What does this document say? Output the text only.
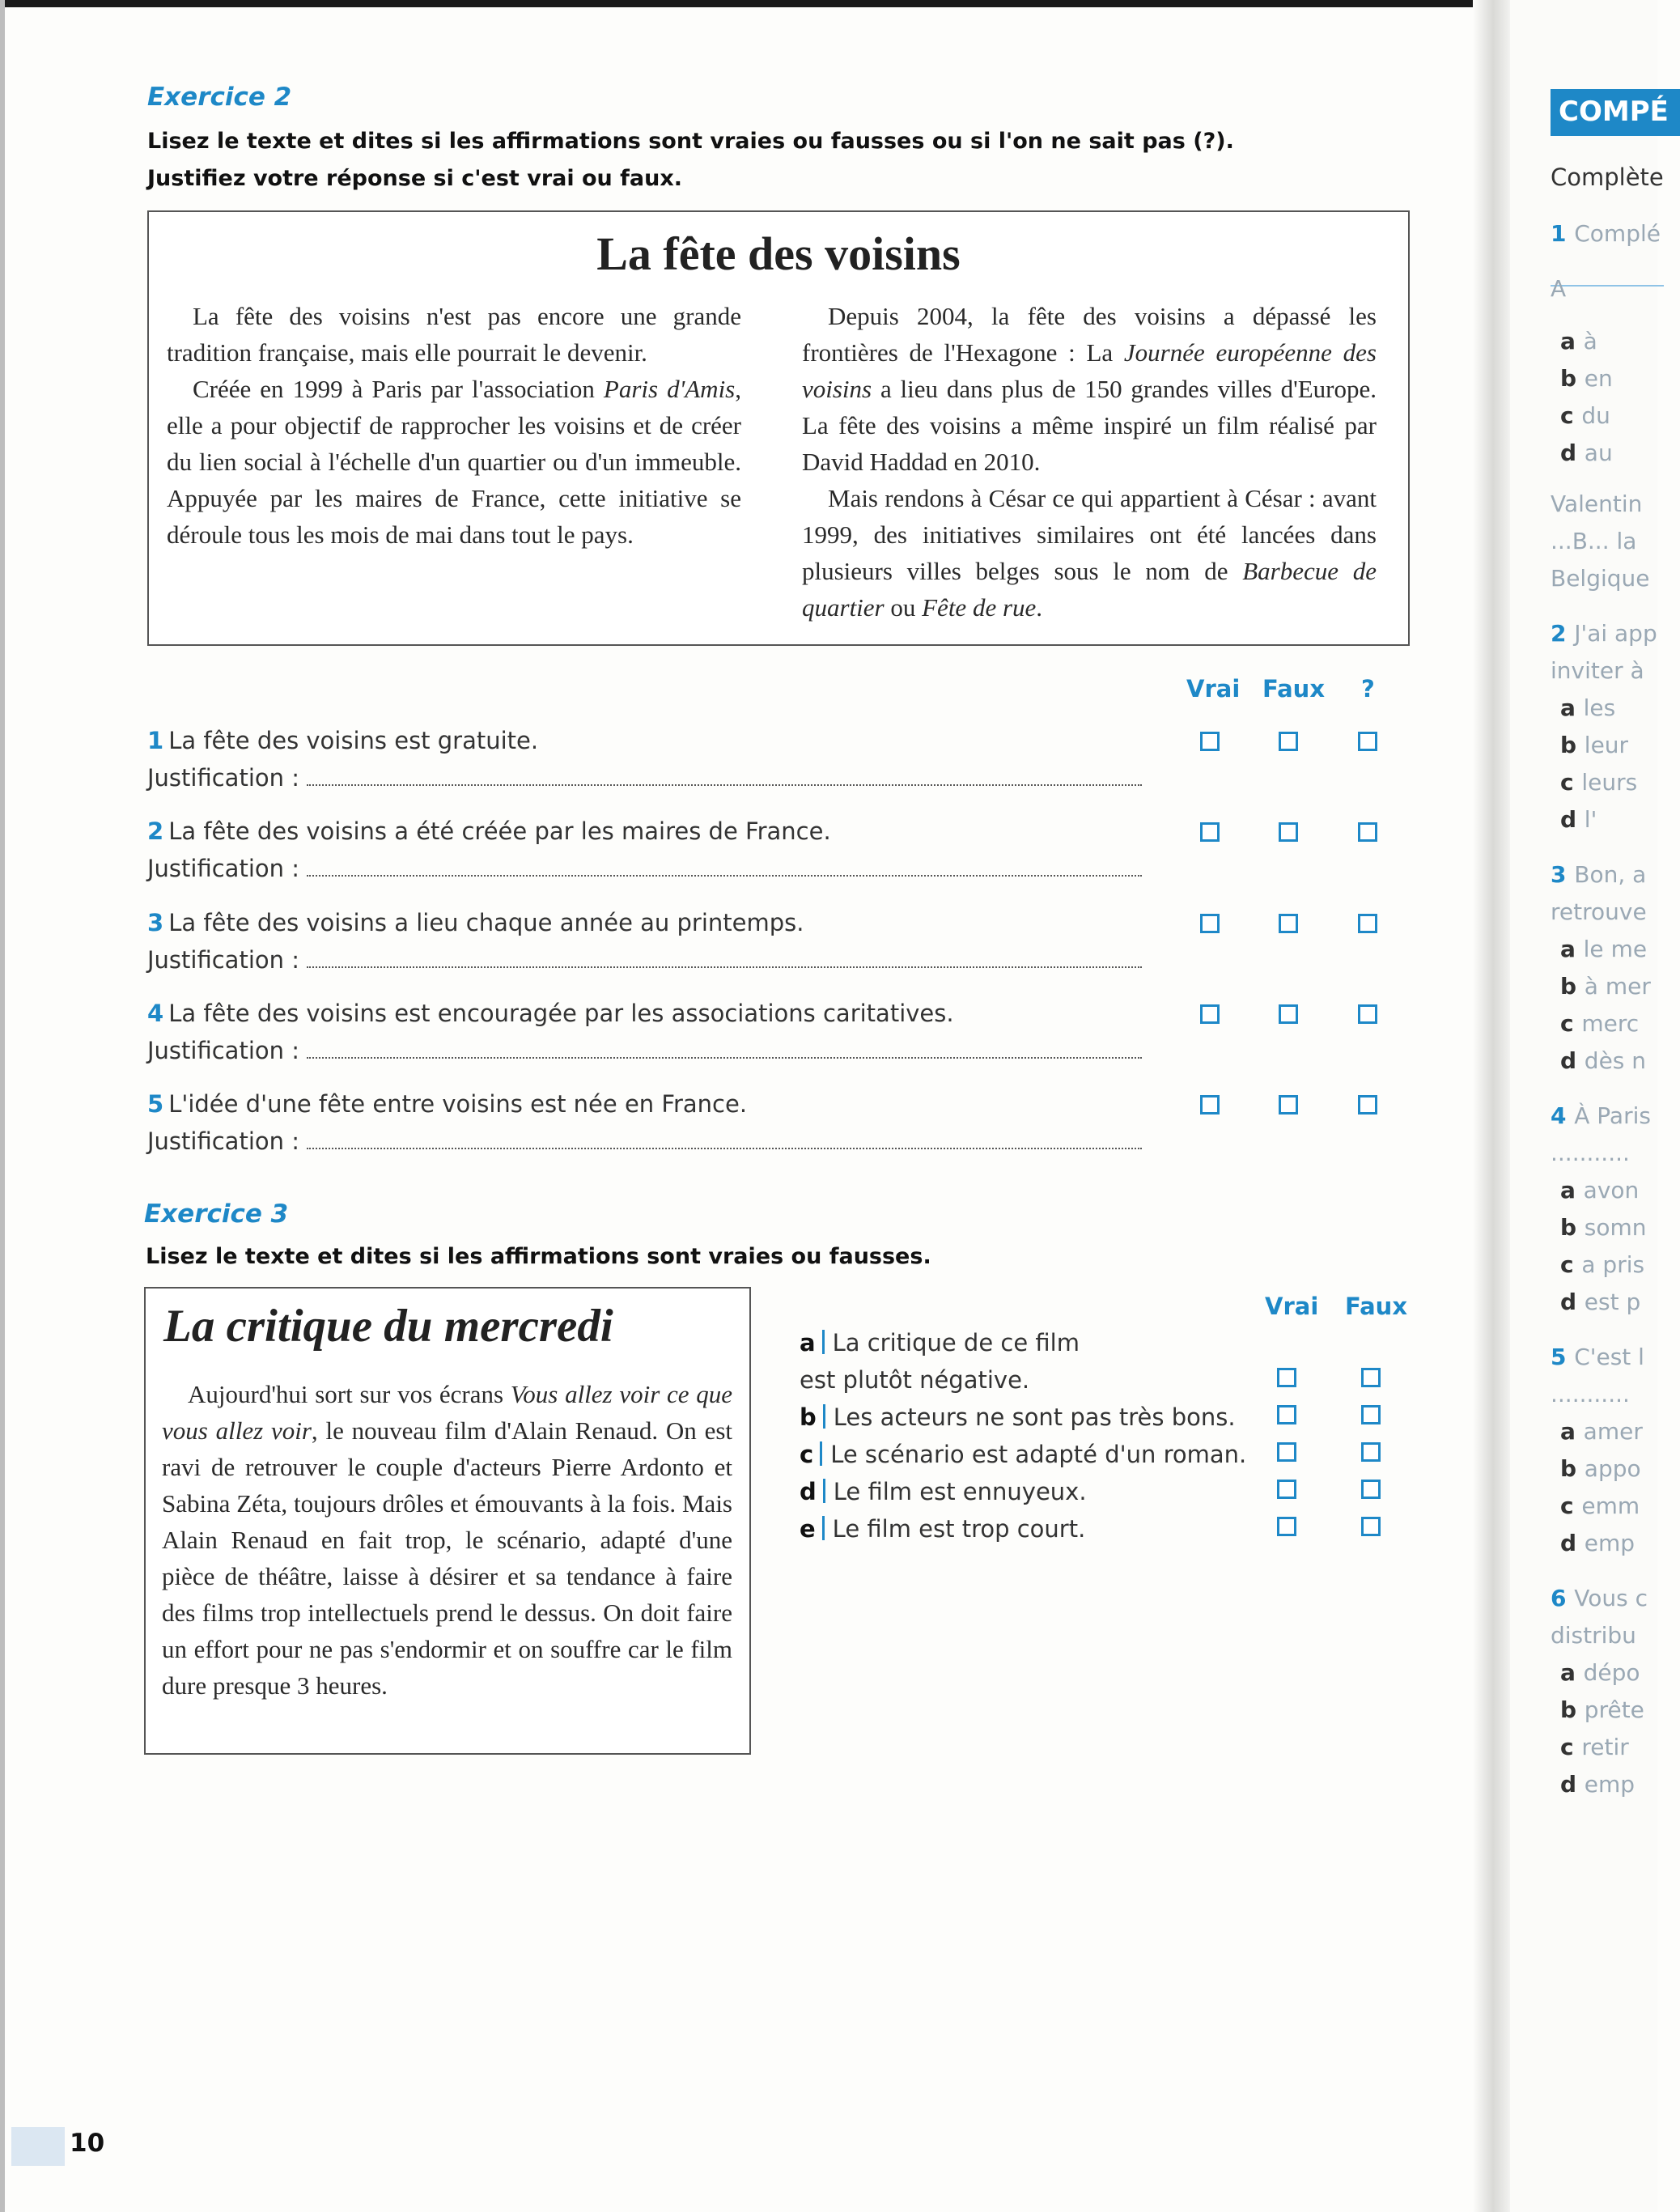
Exercice 2
Lisez le texte et dites si les affirmations sont vraies ou fausses ou si l'on ne sait pas (?).
Justifiez votre réponse si c'est vrai ou faux.
La fête des voisins

La fête des voisins n'est pas encore une grande tradition française, mais elle pourrait le devenir.

Créée en 1999 à Paris par l'association Paris d'Amis, elle a pour objectif de rapprocher les voisins et de créer du lien social à l'échelle d'un quartier ou d'un immeuble. Appuyée par les maires de France, cette initiative se déroule tous les mois de mai dans tout le pays.

Depuis 2004, la fête des voisins a dépassé les frontières de l'Hexagone : La Journée européenne des voisins a lieu dans plus de 150 grandes villes d'Europe. La fête des voisins a même inspiré un film réalisé par David Haddad en 2010.

Mais rendons à César ce qui appartient à César : avant 1999, des initiatives similaires ont été lancées dans plusieurs villes belges sous le nom de Barbecue de quartier ou Fête de rue.

Vrai Faux ?
1 La fête des voisins est gratuite.
Justification :
2 La fête des voisins a été créée par les maires de France.
Justification :
3 La fête des voisins a lieu chaque année au printemps.
Justification :
4 La fête des voisins est encouragée par les associations caritatives.
Justification :
5 L'idée d'une fête entre voisins est née en France.
Justification :
Exercice 3
Lisez le texte et dites si les affirmations sont vraies ou fausses.
La critique du mercredi

Aujourd'hui sort sur vos écrans Vous allez voir ce que vous allez voir, le nouveau film d'Alain Renaud. On est ravi de retrouver le couple d'acteurs Pierre Ardonto et Sabina Zéta, toujours drôles et émouvants à la fois. Mais Alain Renaud en fait trop, le scénario, adapté d'une pièce de théâtre, laisse à désirer et sa tendance à faire des films trop intellectuels prend le dessus. On doit faire un effort pour ne pas s'endormir et on souffre car le film dure presque 3 heures.

Vrai Faux
a La critique de ce film
est plutôt négative.
b Les acteurs ne sont pas très bons.
c Le scénario est adapté d'un roman.
d Le film est ennuyeux.
e Le film est trop court.
10
COMPÉ
Complète
1 Complé
A
a à
b en
c du
d au
Valentin
...B... la
Belgique
2 J'ai app
inviter à
a les
b leur
c leurs
d l'
3 Bon, a
retrouve
a le me
b à mer
c merc
d dès n
4 À Paris
...........
a avon
b somn
c a pris
d est p
5 C'est l
...........
a amer
b appo
c emm
d emp
6 Vous c
distribu
a dépo
b prête
c retir
d emp
